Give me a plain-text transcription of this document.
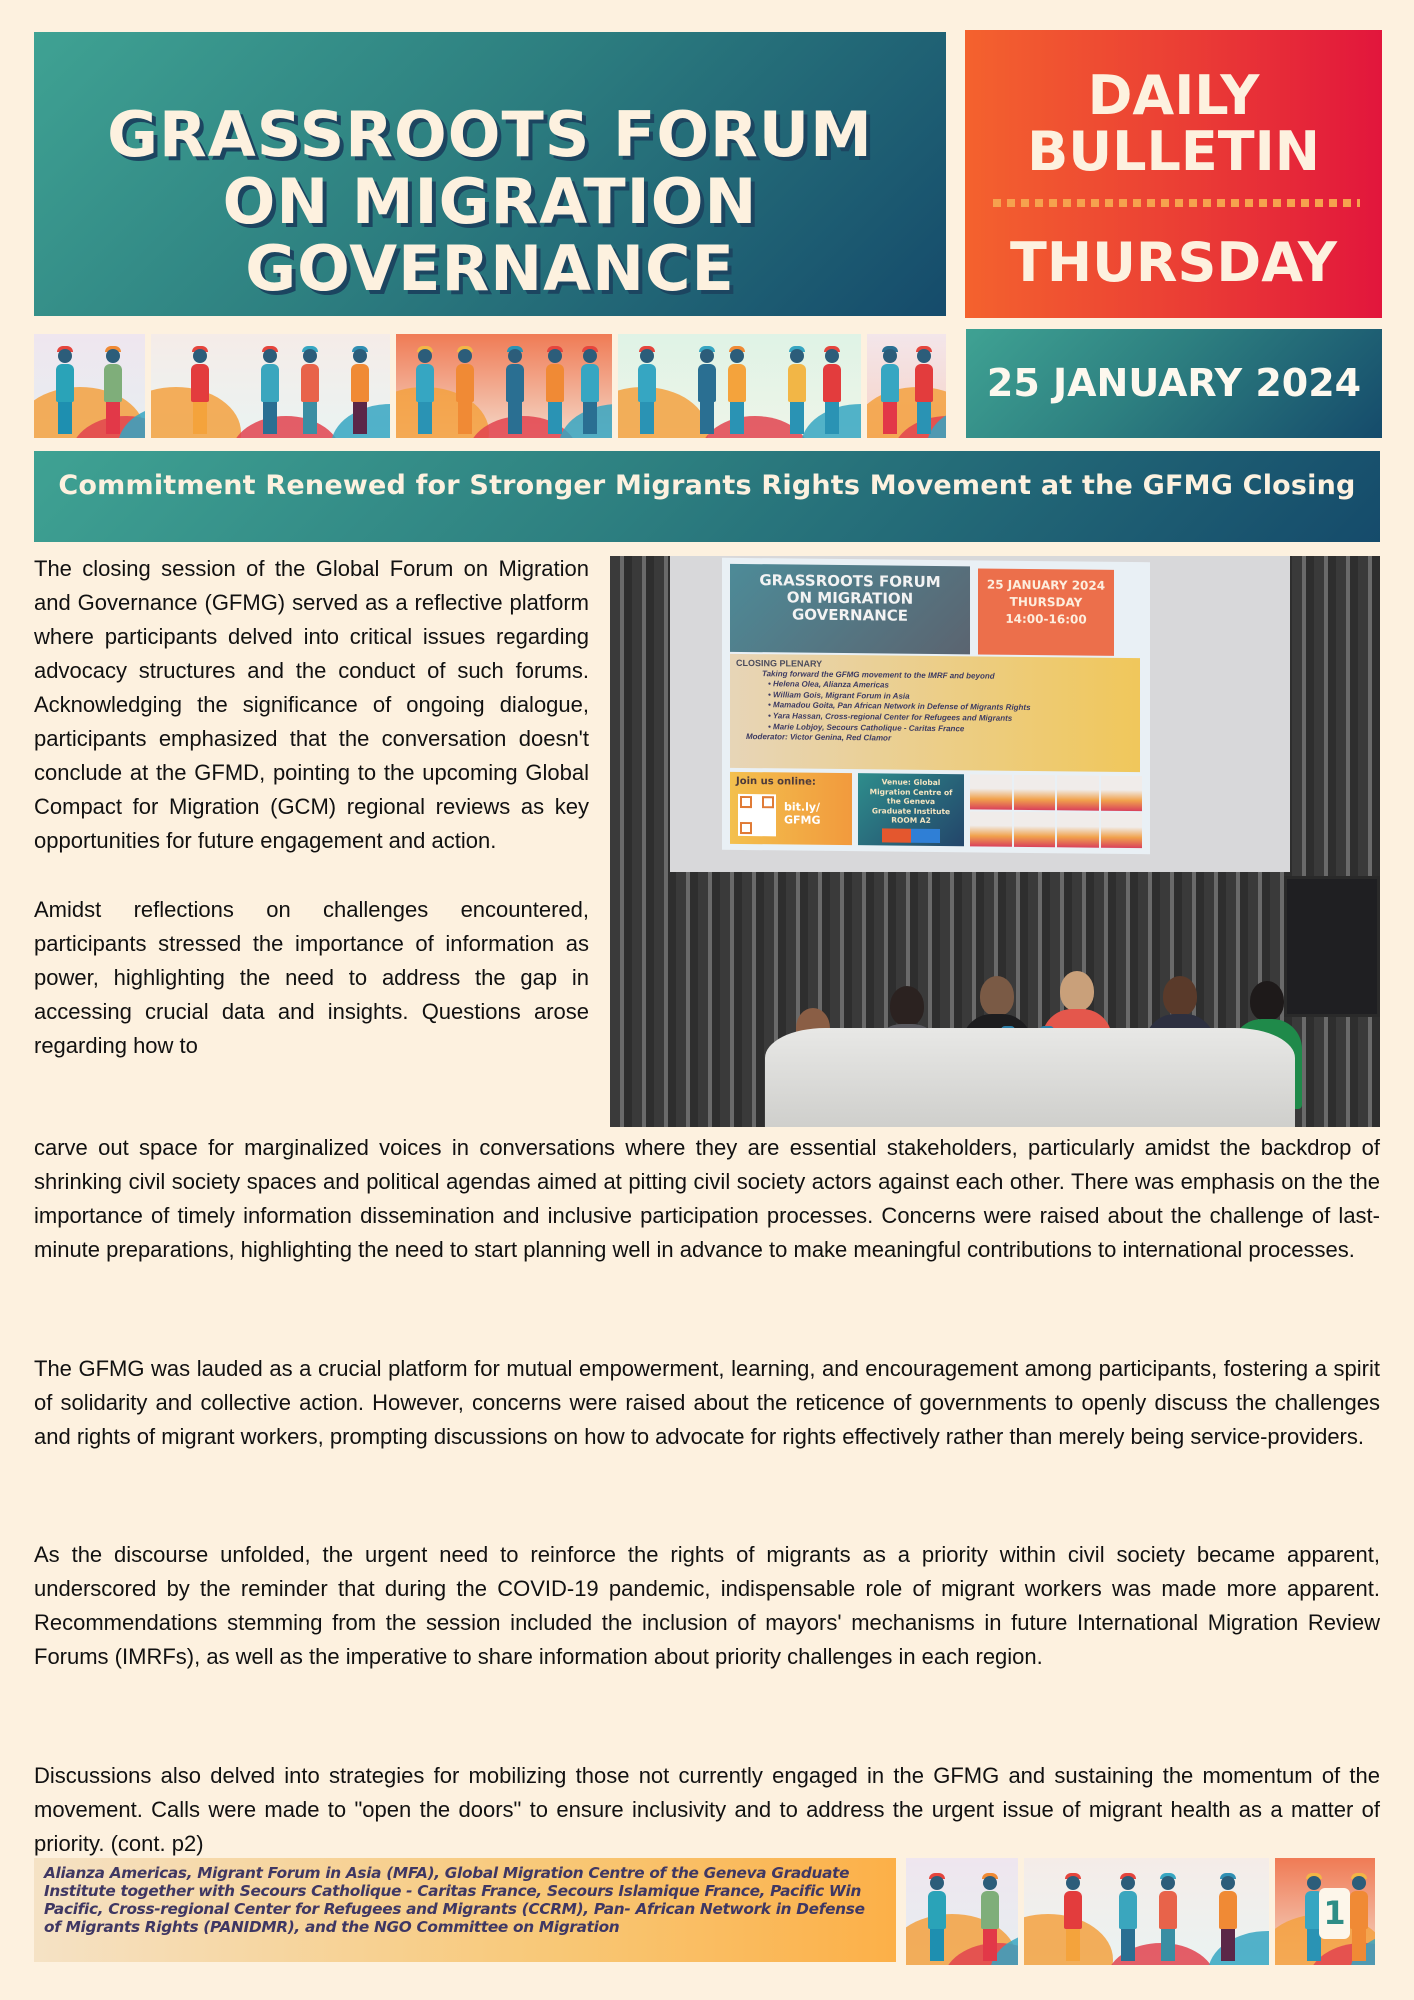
GRASSROOTS FORUM
ON MIGRATION
GOVERNANCE
DAILY
BULLETIN
THURSDAY
25 JANUARY 2024
Commitment Renewed for Stronger Migrants Rights Movement at the GFMG Closing

The closing session of the Global Forum on Migration and Governance (GFMG) served as a reflective platform where participants delved into critical issues regarding advocacy structures and the conduct of such forums. Acknowledging the significance of ongoing dialogue, participants emphasized that the conversation doesn't conclude at the GFMD, pointing to the upcoming Global Compact for Migration (GCM) regional reviews as key opportunities for future engagement and action.

Amidst reflections on challenges encountered, participants stressed the importance of information as power, highlighting the need to address the gap in accessing crucial data and insights. Questions arose regarding how to

GRASSROOTS FORUM
ON MIGRATION
GOVERNANCE
25 JANUARY 2024
THURSDAY
14:00-16:00
CLOSING PLENARY
Taking forward the GFMG movement to the IMRF and beyond
• Helena Olea, Alianza Americas
• William Gois, Migrant Forum in Asia
• Mamadou Goita, Pan African Network in Defense of Migrants Rights
• Yara Hassan, Cross-regional Center for Refugees and Migrants
• Marie Lobjoy, Secours Catholique - Caritas France
Moderator: Victor Genina, Red Clamor
Join us online:
bit.ly/ GFMG
Venue: Global
Migration Centre of
the Geneva
Graduate Institute
ROOM A2

carve out space for marginalized voices in conversations where they are essential stakeholders, particularly amidst the backdrop of shrinking civil society spaces and political agendas aimed at pitting civil society actors against each other. There was emphasis on the the importance of timely information dissemination and inclusive participation processes. Concerns were raised about the challenge of last-minute preparations, highlighting the need to start planning well in advance to make meaningful contributions to international processes.

The GFMG was lauded as a crucial platform for mutual empowerment, learning, and encouragement among participants, fostering a spirit of solidarity and collective action. However, concerns were raised about the reticence of governments to openly discuss the challenges and rights of migrant workers, prompting discussions on how to advocate for rights effectively rather than merely being service-providers.

As the discourse unfolded, the urgent need to reinforce the rights of migrants as a priority within civil society became apparent, underscored by the reminder that during the COVID-19 pandemic, indispensable role of migrant workers was made more apparent. Recommendations stemming from the session included the inclusion of mayors' mechanisms in future International Migration Review Forums (IMRFs), as well as the imperative to share information about priority challenges in each region.

Discussions also delved into strategies for mobilizing those not currently engaged in the GFMG and sustaining the momentum of the movement. Calls were made to "open the doors" to ensure inclusivity and to address the urgent issue of migrant health as a matter of priority. (cont. p2)

Alianza Americas, Migrant Forum in Asia (MFA), Global Migration Centre of the Geneva Graduate Institute together with Secours Catholique - Caritas France, Secours Islamique France, Pacific Win Pacific, Cross-regional Center for Refugees and Migrants (CCRM), Pan- African Network in Defense of Migrants Rights (PANIDMR), and the NGO Committee on Migration	1
